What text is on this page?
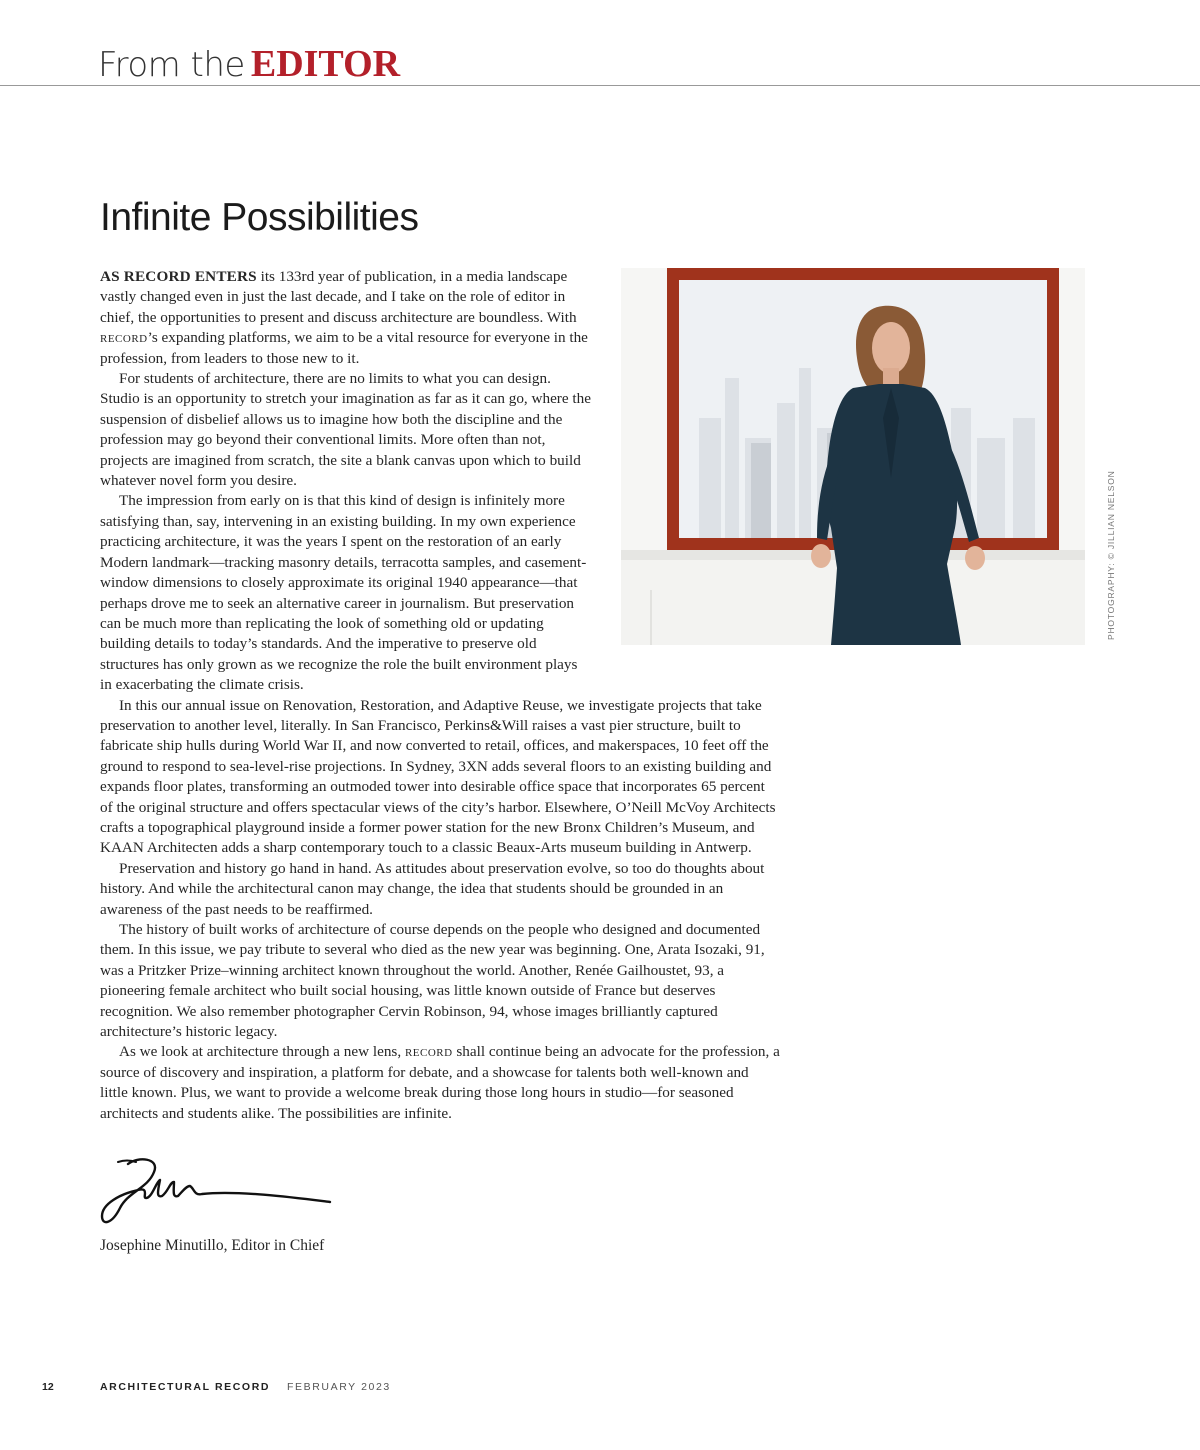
From the EDITOR
Infinite Possibilities
PHOTOGRAPHY: © JILLIAN NELSON

AS RECORD ENTERS its 133rd year of publication, in a media landscape vastly changed even in just the last decade, and I take on the role of editor in chief, the opportunities to present and discuss architecture are boundless. With record’s expanding platforms, we aim to be a vital resource for everyone in the profession, from leaders to those new to it.

For students of architecture, there are no limits to what you can design. Studio is an opportunity to stretch your imagination as far as it can go, where the suspension of disbelief allows us to imagine how both the discipline and the profession may go beyond their conventional limits. More often than not, projects are imagined from scratch, the site a blank canvas upon which to build whatever novel form you desire.

The impression from early on is that this kind of design is infinitely more satisfying than, say, intervening in an existing building. In my own experience practicing architecture, it was the years I spent on the restoration of an early Modern landmark—tracking masonry details, terracotta samples, and casement-window dimensions to closely approximate its original 1940 appearance—that perhaps drove me to seek an alternative career in journalism. But preservation can be much more than replicating the look of something old or updating building details to today’s standards. And the imperative to preserve old structures has only grown as we recognize the role the built environment plays in exacerbating the climate crisis.

In this our annual issue on Renovation, Restoration, and Adaptive Reuse, we investigate projects that take preservation to another level, literally. In San Francisco, Perkins&Will raises a vast pier structure, built to fabricate ship hulls during World War II, and now converted to retail, offices, and makerspaces, 10 feet off the ground to respond to sea-level-rise projections. In Sydney, 3XN adds several floors to an existing building and expands floor plates, transforming an outmoded tower into desirable office space that incorporates 65 percent of the original structure and offers spectacular views of the city’s harbor. Elsewhere, O’Neill McVoy Architects crafts a topographical playground inside a former power station for the new Bronx Children’s Museum, and KAAN Architecten adds a sharp contemporary touch to a classic Beaux-Arts museum building in Antwerp.

Preservation and history go hand in hand. As attitudes about preservation evolve, so too do thoughts about history. And while the architectural canon may change, the idea that students should be grounded in an awareness of the past needs to be reaffirmed.

The history of built works of architecture of course depends on the people who designed and documented them. In this issue, we pay tribute to several who died as the new year was beginning. One, Arata Isozaki, 91, was a Pritzker Prize–winning architect known throughout the world. Another, Renée Gailhoustet, 93, a pioneering female architect who built social housing, was little known outside of France but deserves recognition. We also remember photographer Cervin Robinson, 94, whose images brilliantly captured architecture’s historic legacy.

As we look at architecture through a new lens, record shall continue being an advocate for the profession, a source of discovery and inspiration, a platform for debate, and a showcase for talents both well-known and little known. Plus, we want to provide a welcome break during those long hours in studio—for seasoned architects and students alike. The possibilities are infinite.

Josephine Minutillo, Editor in Chief
12	ARCHITECTURAL RECORD FEBRUARY 2023
